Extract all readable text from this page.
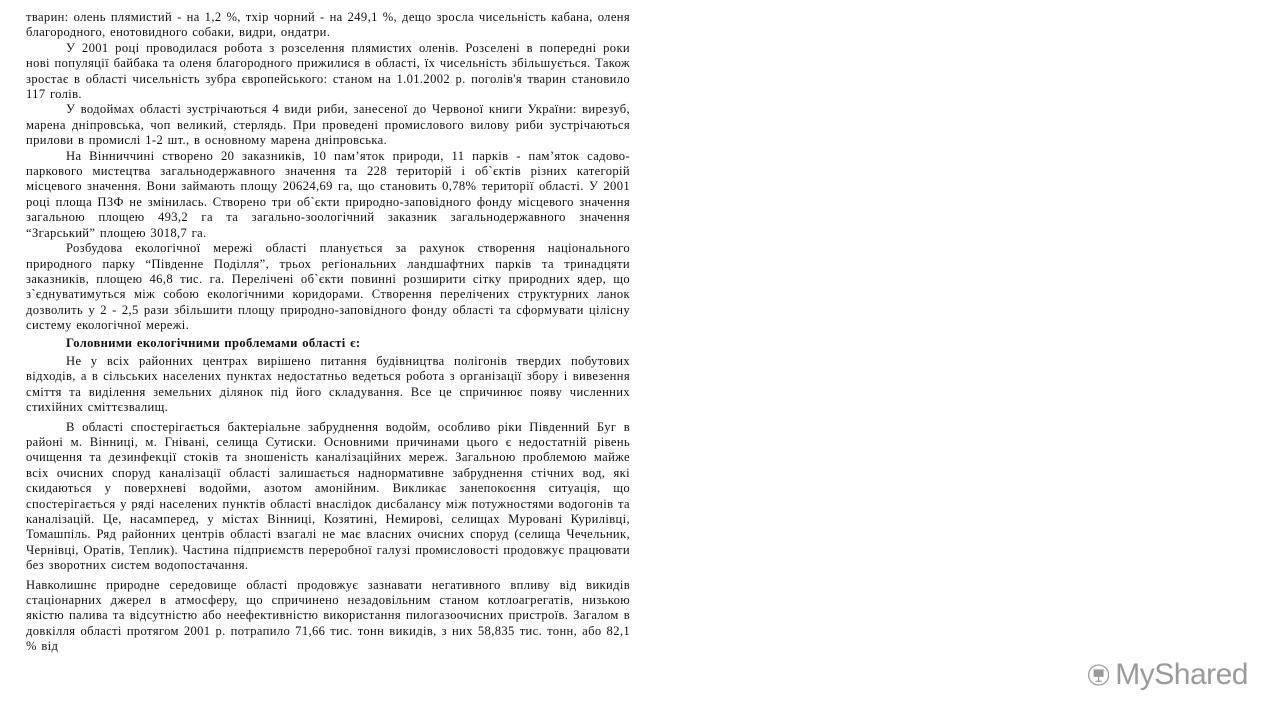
тварин: олень плямистий - на 1,2 %, тхір чорний - на 249,1 %, дещо зросла чисельність кабана, оленя благородного, енотовидного собаки, видри, ондатри.

У 2001 році проводилася робота з розселення плямистих оленів. Розселені в попередні роки нові популяції байбака та оленя благородного прижилися в області, їх чисельність збільшується. Також зростає в області чисельність зубра європейського: станом на 1.01.2002 р. поголів'я тварин становило 117 голів.

У водоймах області зустрічаються 4 види риби, занесеної до Червоної книги України: вирезуб, марена дніпровська, чоп великий, стерлядь. При проведені промислового вилову риби зустрічаються прилови в промислі 1-2 шт., в основному марена дніпровська.

На Вінниччині створено 20 заказників, 10 пам’яток природи, 11 парків - пам’яток садово-паркового мистецтва загальнодержавного значення та 228 територій і об`єктів різних категорій місцевого значення. Вони займають площу 20624,69 га, що становить 0,78% території області. У 2001 році площа ПЗФ не змінилась. Створено три об`єкти природно-заповідного фонду місцевого значення загальною площею 493,2 га та загально-зоологічний заказник загальнодержавного значення “Згарський” площею 3018,7 га.

Розбудова екологічної мережі області планується за рахунок створення національного природного парку “Південне Поділля”, трьох регіональних ландшафтних парків та тринадцяти заказників, площею 46,8 тис. га. Перелічені об`єкти повинні розширити сітку природних ядер, що з`єднуватимуться між собою екологічними коридорами. Створення перелічених структурних ланок дозволить у 2 - 2,5 рази збільшити площу природно-заповідного фонду області та сформувати цілісну систему екологічної мережі.

Головними екологічними проблемами області є:

Не у всіх районних центрах вирішено питання будівництва полігонів твердих побутових відходів, а в сільських населених пунктах недостатньо ведеться робота з організації збору і вивезення сміття та виділення земельних ділянок під його складування. Все це спричинює появу численних стихійних сміттєзвалищ.

В області спостерігається бактеріальне забруднення водойм, особливо ріки Південний Буг в районі м. Вінниці, м. Гнівані, селища Сутиски. Основними причинами цього є недостатній рівень очищення та дезинфекції стоків та зношеність каналізаційних мереж. Загальною проблемою майже всіх очисних споруд каналізації області залишається наднормативне забруднення стічних вод, які скидаються у поверхневі водойми, азотом амонійним. Викликає занепокоєння ситуація, що спостерігається у ряді населених пунктів області внаслідок дисбалансу між потужностями водогонів та каналізацій. Це, насамперед, у містах Вінниці, Козятині, Немирові, селищах Муровані Курилівці, Томашпіль. Ряд районних центрів області взагалі не має власних очисних споруд (селища Чечельник, Чернівці, Оратів, Теплик). Частина підприємств переробної галузі промисловості продовжує працювати без зворотних систем водопостачання.

Навколишнє природне середовище області продовжує зазнавати негативного впливу від викидів стаціонарних джерел в атмосферу, що спричинено незадовільним станом котлоагрегатів, низькою якістю палива та відсутністю або неефективністю використання пилогазоочисних пристроїв. Загалом в довкілля області протягом 2001 р. потрапило 71,66 тис. тонн викидів, з них 58,835 тис. тонн, або 82,1 % від

MyShared
